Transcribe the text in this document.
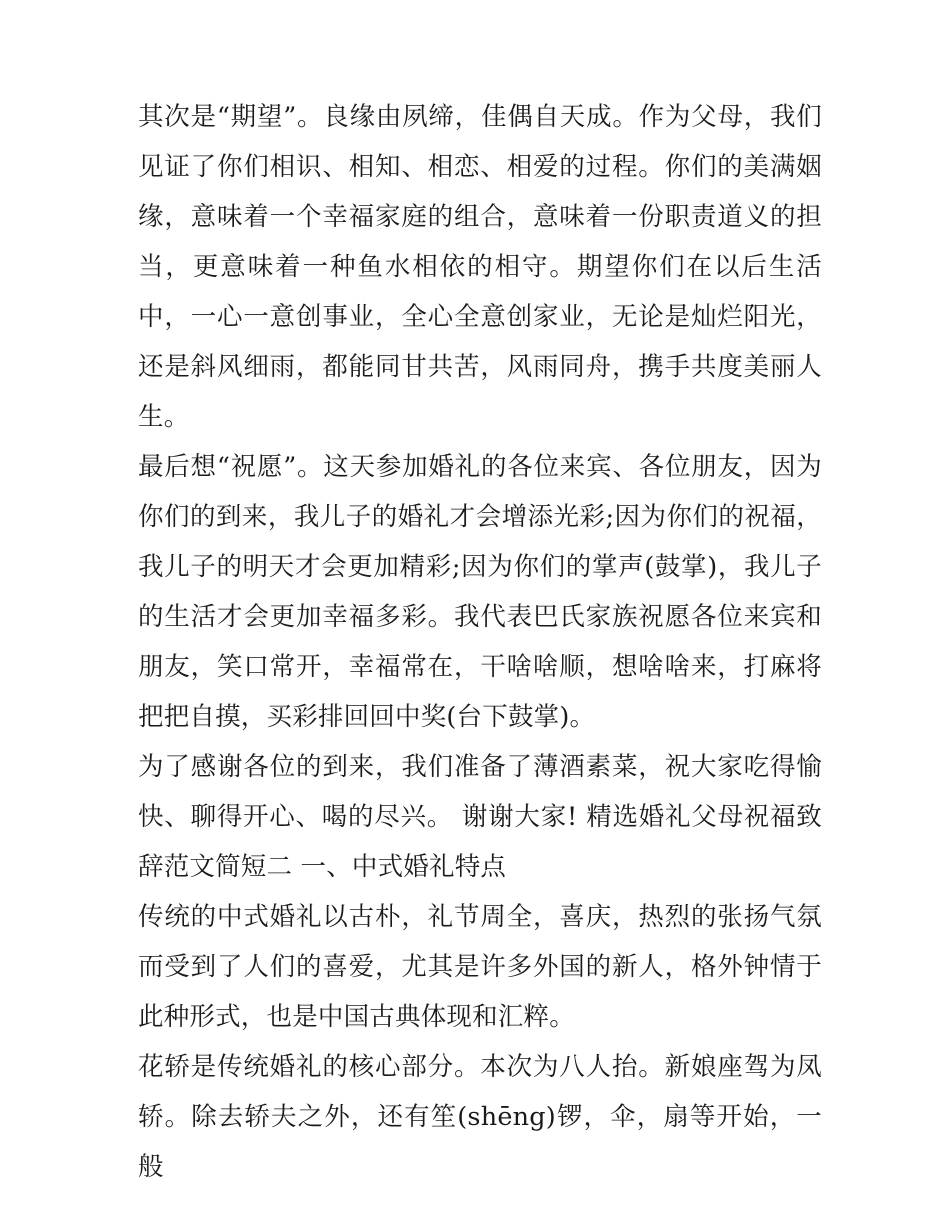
其次是“期望”。良缘由夙缔，佳偶自天成。作为父母，我们见证了你们相识、相知、相恋、相爱的过程。你们的美满姻缘，意味着一个幸福家庭的组合，意味着一份职责道义的担当，更意味着一种鱼水相依的相守。期望你们在以后生活中，一心一意创事业，全心全意创家业，无论是灿烂阳光，还是斜风细雨，都能同甘共苦，风雨同舟，携手共度美丽人生。

最后想“祝愿”。这天参加婚礼的各位来宾、各位朋友，因为你们的到来，我儿子的婚礼才会增添光彩;因为你们的祝福，我儿子的明天才会更加精彩;因为你们的掌声(鼓掌)，我儿子的生活才会更加幸福多彩。我代表巴氏家族祝愿各位来宾和朋友，笑口常开，幸福常在，干啥啥顺，想啥啥来，打麻将把把自摸，买彩排回回中奖(台下鼓掌)。

为了感谢各位的到来，我们准备了薄酒素菜，祝大家吃得愉快、聊得开心、喝的尽兴。 谢谢大家! 精选婚礼父母祝福致辞范文简短二 一、中式婚礼特点

传统的中式婚礼以古朴，礼节周全，喜庆，热烈的张扬气氛而受到了人们的喜爱，尤其是许多外国的新人，格外钟情于此种形式，也是中国古典体现和汇粹。

花轿是传统婚礼的核心部分。本次为八人抬。新娘座驾为凤轿。除去轿夫之外，还有笙(shēng)锣，伞，扇等开始，一般
